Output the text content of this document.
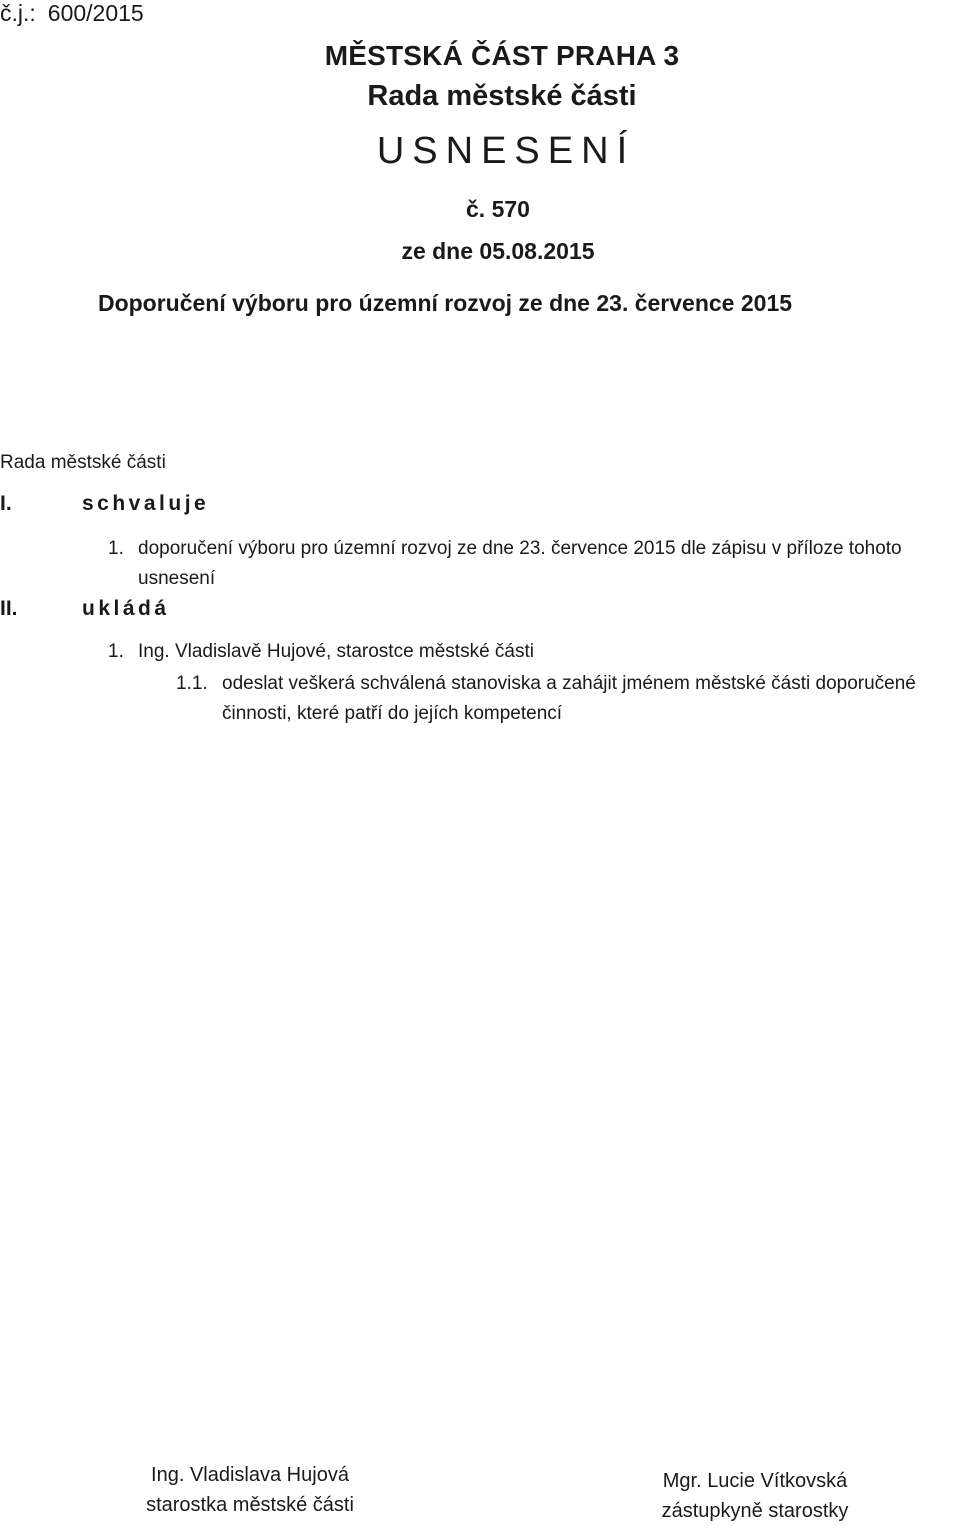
č.j.: 600/2015
MĚSTSKÁ ČÁST PRAHA 3
Rada městské části
USNESENÍ
č. 570
ze dne 05.08.2015
Doporučení výboru pro územní rozvoj ze dne 23. července 2015
Rada městské části
I.	schvaluje
1. doporučení výboru pro územní rozvoj ze dne 23. července 2015 dle zápisu v příloze tohoto usnesení
II.	ukládá
1. Ing. Vladislavě Hujové, starostce městské části
1.1. odeslat veškerá schválená stanoviska a zahájit jménem městské části doporučené činnosti, které patří do jejích kompetencí
Ing. Vladislava Hujová
starostka městské části
Mgr. Lucie Vítkovská
zástupkyně starostky
